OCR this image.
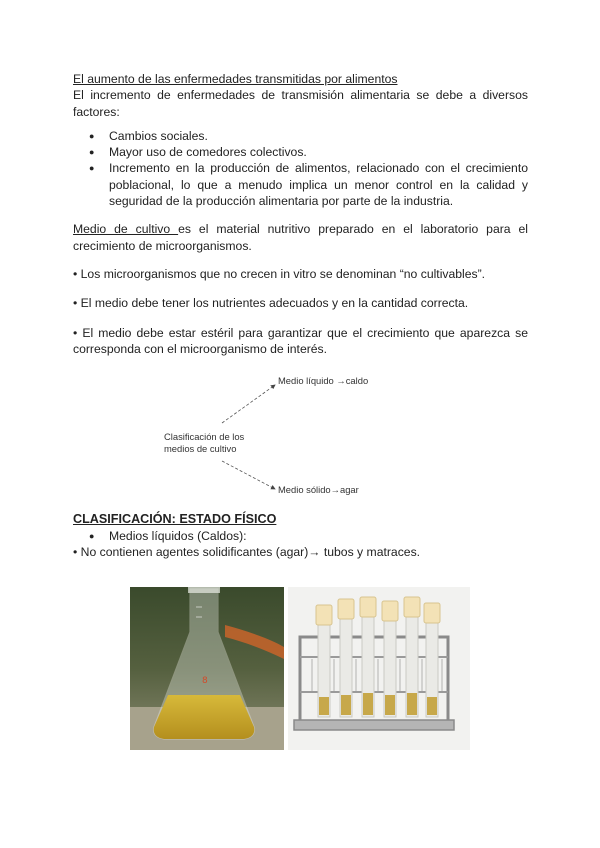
El aumento de las enfermedades transmitidas por alimentos

El incremento de enfermedades de transmisión alimentaria se debe a diversos factores:

● Cambios sociales.
● Mayor uso de comedores colectivos.
● Incremento en la producción de alimentos, relacionado con el crecimiento poblacional, lo que a menudo implica un menor control en la calidad y seguridad de la producción alimentaria por parte de la industria.

Medio de cultivo es el material nutritivo preparado en el laboratorio para el crecimiento de microorganismos.

• Los microorganismos que no crecen in vitro se denominan “no cultivables”.

• El medio debe tener los nutrientes adecuados y en la cantidad correcta.

• El medio debe estar estéril para garantizar que el crecimiento que aparezca se corresponda con el microorganismo de interés.

Clasificación de los
medios de cultivo
Medio líquido →caldo
Medio sólido→agar
CLASIFICACIÓN: ESTADO FÍSICO
● Medios líquidos (Caldos):

• No contienen agentes solidificantes (agar)→ tubos y matraces.

8
